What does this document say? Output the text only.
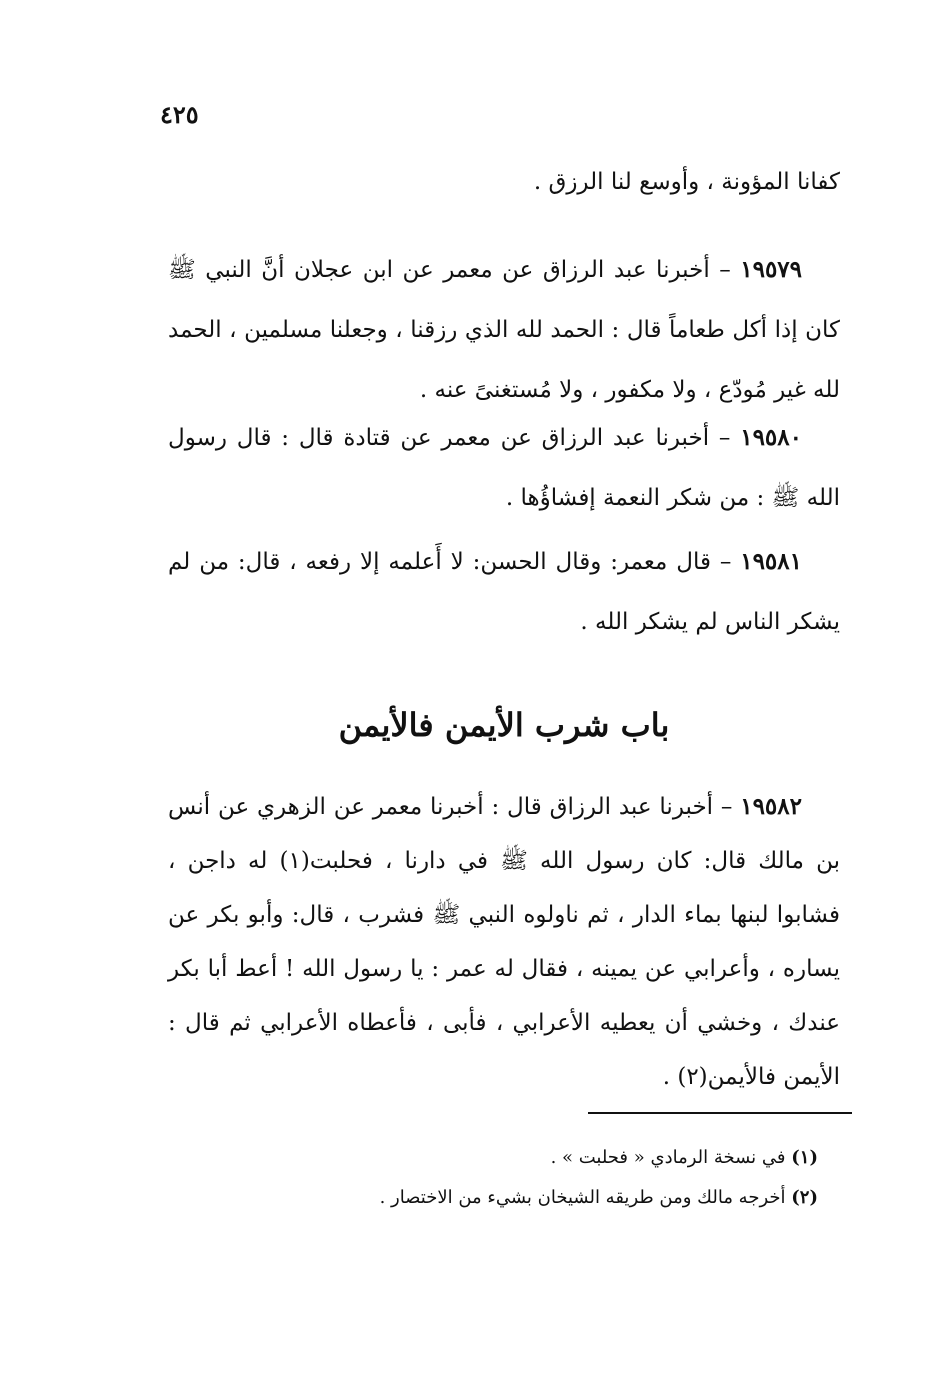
٤٢٥
كفانا المؤونة ، وأوسع لنا الرزق .
١٩٥٧٩ – أخبرنا عبد الرزاق عن معمر عن ابن عجلان أنَّ النبي ﷺ كان إذا أكل طعاماً قال : الحمد لله الذي رزقنا ، وجعلنا مسلمين ، الحمد لله غير مُودّع ، ولا مكفور ، ولا مُستغنىً عنه .
١٩٥٨٠ – أخبرنا عبد الرزاق عن معمر عن قتادة قال : قال رسول الله ﷺ : من شكر النعمة إفشاؤُها .
١٩٥٨١ – قال معمر: وقال الحسن: لا أَعلمه إلا رفعه ، قال: من لم يشكر الناس لم يشكر الله .
باب شرب الأيمن فالأيمن
١٩٥٨٢ – أخبرنا عبد الرزاق قال : أخبرنا معمر عن الزهري عن أنس بن مالك قال: كان رسول الله ﷺ في دارنا ، فحلبت(١) له داجن ، فشابوا لبنها بماء الدار ، ثم ناولوه النبي ﷺ فشرب ، قال: وأبو بكر عن يساره ، وأعرابي عن يمينه ، فقال له عمر : يا رسول الله ! أعط أبا بكر عندك ، وخشي أن يعطيه الأعرابي ، فأبى ، فأعطاه الأعرابي ثم قال : الأيمن فالأيمن(٢) .
(١) في نسخة الرمادي « فحلبت » .
(٢) أخرجه مالك ومن طريقه الشيخان بشيء من الاختصار .
